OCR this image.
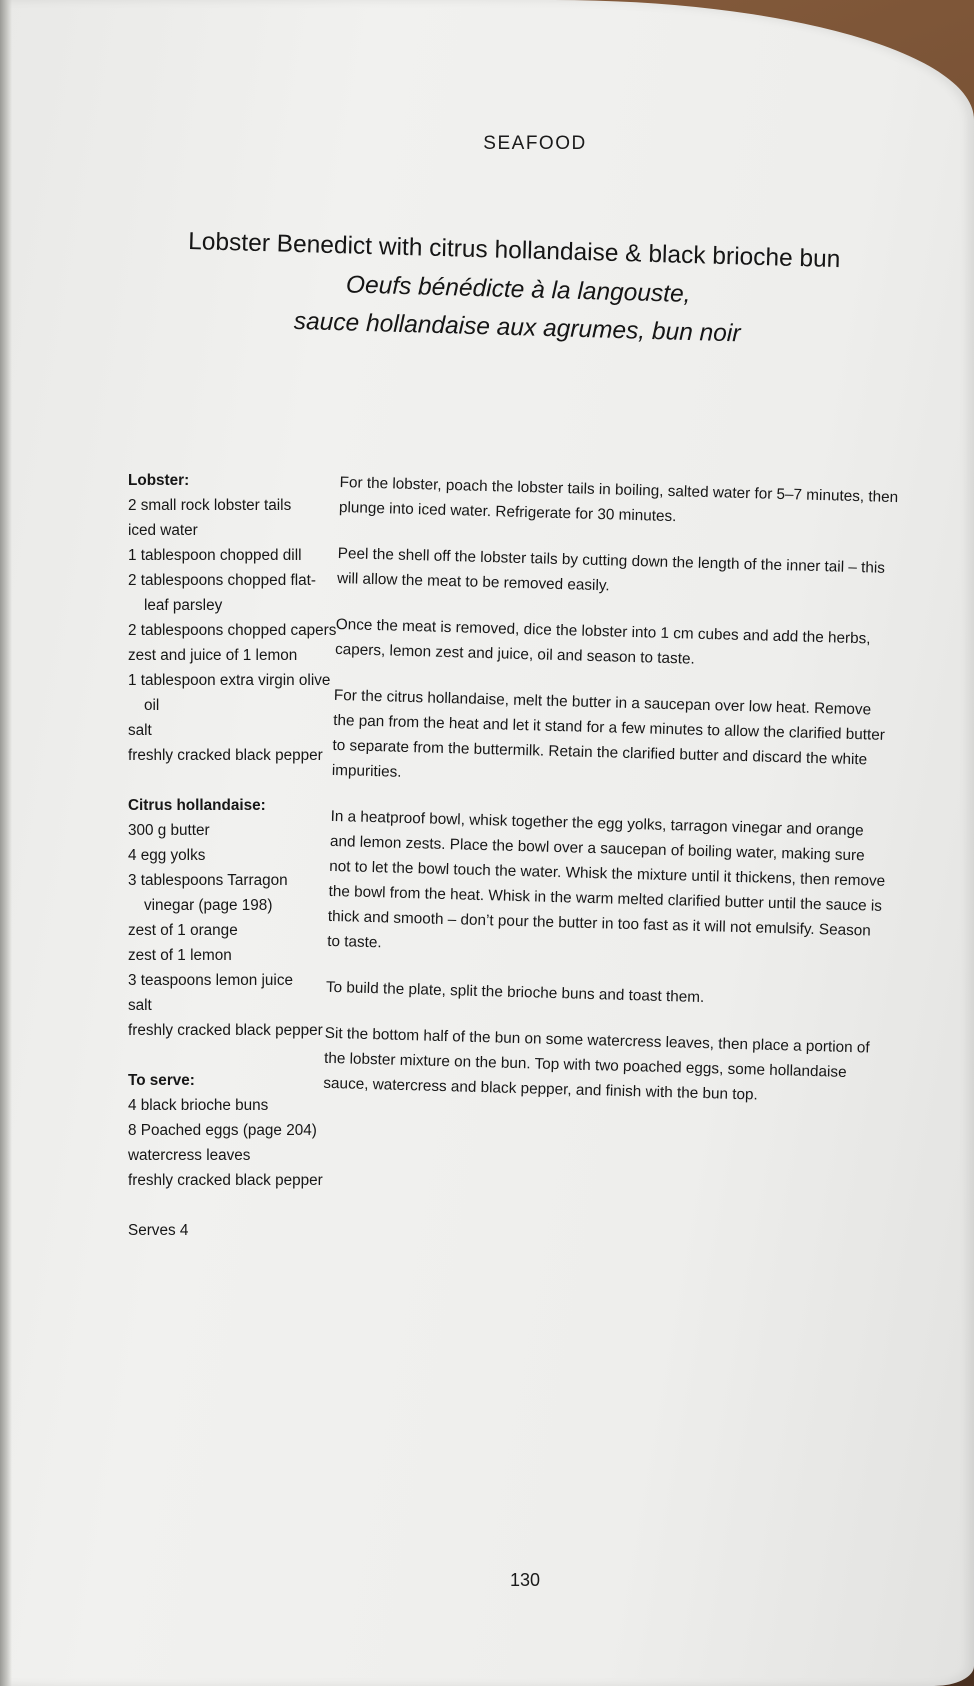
SEAFOOD
Lobster Benedict with citrus hollandaise & black brioche bun
Oeufs bénédicte à la langouste,
sauce hollandaise aux agrumes, bun noir
Lobster:
2 small rock lobster tails
iced water
1 tablespoon chopped dill
2 tablespoons chopped flat-leaf parsley
2 tablespoons chopped capers
zest and juice of 1 lemon
1 tablespoon extra virgin olive oil
salt
freshly cracked black pepper
Citrus hollandaise:
300 g butter
4 egg yolks
3 tablespoons Tarragon vinegar (page 198)
zest of 1 orange
zest of 1 lemon
3 teaspoons lemon juice
salt
freshly cracked black pepper
To serve:
4 black brioche buns
8 Poached eggs (page 204)
watercress leaves
freshly cracked black pepper
Serves 4

For the lobster, poach the lobster tails in boiling, salted water for 5–7 minutes, then plunge into iced water. Refrigerate for 30 minutes.

Peel the shell off the lobster tails by cutting down the length of the inner tail – this will allow the meat to be removed easily.

Once the meat is removed, dice the lobster into 1 cm cubes and add the herbs, capers, lemon zest and juice, oil and season to taste.

For the citrus hollandaise, melt the butter in a saucepan over low heat. Remove the pan from the heat and let it stand for a few minutes to allow the clarified butter to separate from the buttermilk. Retain the clarified butter and discard the white impurities.

In a heatproof bowl, whisk together the egg yolks, tarragon vinegar and orange and lemon zests. Place the bowl over a saucepan of boiling water, making sure not to let the bowl touch the water. Whisk the mixture until it thickens, then remove the bowl from the heat. Whisk in the warm melted clarified butter until the sauce is thick and smooth – don’t pour the butter in too fast as it will not emulsify. Season to taste.

To build the plate, split the brioche buns and toast them.

Sit the bottom half of the bun on some watercress leaves, then place a portion of the lobster mixture on the bun. Top with two poached eggs, some hollandaise sauce, watercress and black pepper, and finish with the bun top.

130
